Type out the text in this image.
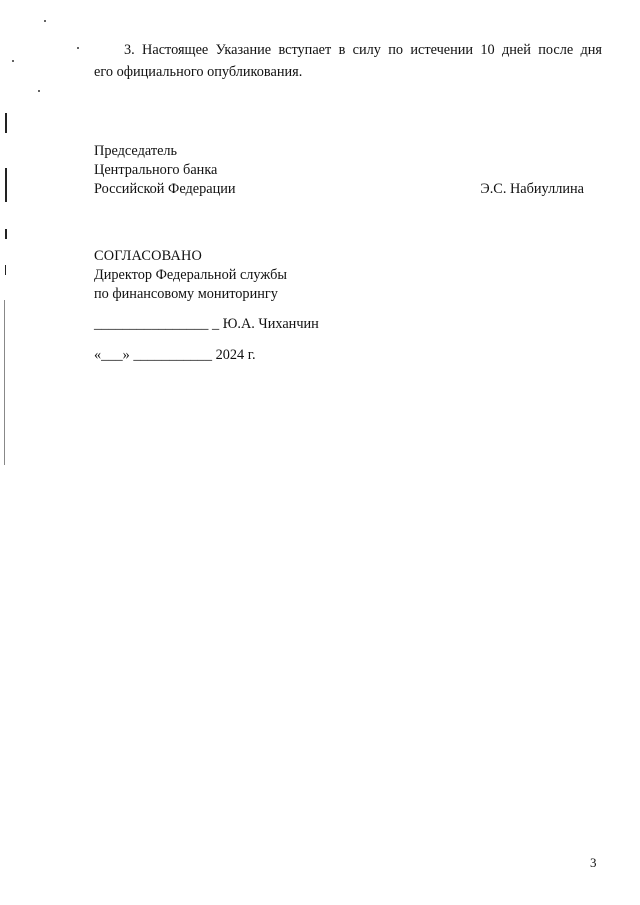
3. Настоящее Указание вступает в силу по истечении 10 дней после дня
его официального опубликования.
Председатель
Центрального банка
Российской Федерации	Э.С. Набиуллина
СОГЛАСОВАНО
Директор Федеральной службы
по финансовому мониторингу
________________ _ Ю.А. Чиханчин
«___» ___________ 2024 г.
3
